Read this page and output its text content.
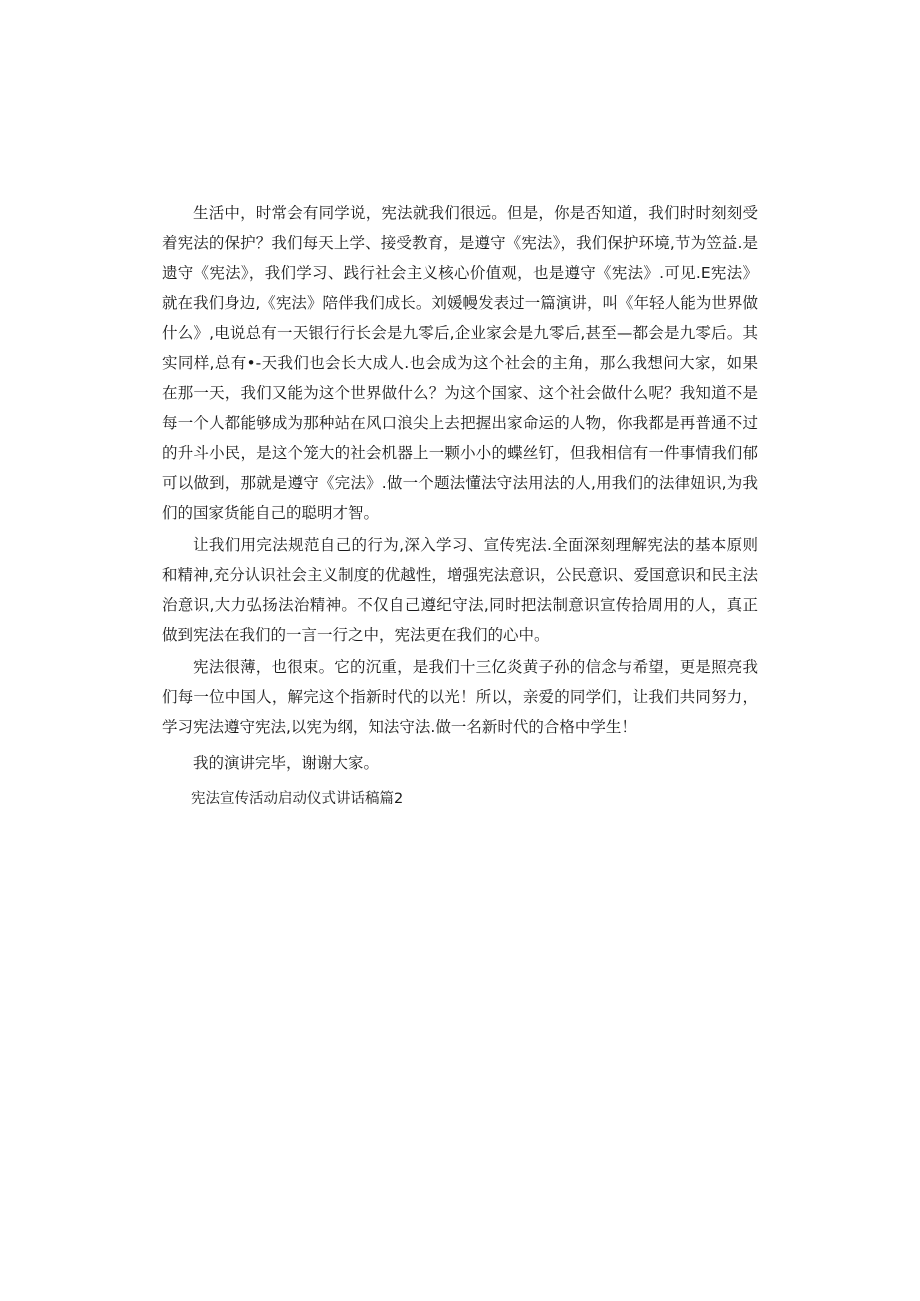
生活中，时常会有同学说，宪法就我们很远。但是，你是否知道，我们时时刻刻受着宪法的保护？我们每天上学、接受教育，是遵守《宪法》，我们保护环境,节为笠益.是遗守《宪法》，我们学习、践行社会主义核心价值观，也是遵守《宪法》.可见.E宪法》就在我们身边,《宪法》陪伴我们成长。刘媛幔发表过一篇演讲，叫《年轻人能为世界做什么》,电说总有一天银行行长会是九零后,企业家会是九零后,甚至—都会是九零后。其实同样,总有•-天我们也会长大成人.也会成为这个社会的主角，那么我想问大家，如果在那一天，我们又能为这个世界做什么？为这个国家、这个社会做什么呢？我知道不是每一个人都能够成为那种站在风口浪尖上去把握出家命运的人物，你我都是再普通不过的升斗小民，是这个笼大的社会机器上一颗小小的蝶丝钉，但我相信有一件事情我们郁可以做到，那就是遵守《完法》.做一个题法懂法守法用法的人,用我们的法律妞识,为我们的国家货能自己的聪明才智。

让我们用完法规范自己的行为,深入学习、宣传宪法.全面深刻理解宪法的基本原则和精神,充分认识社会主义制度的优越性，增强宪法意识，公民意识、爱国意识和民主法治意识,大力弘扬法治精神。不仅自己遵纪守法,同时把法制意识宣传拾周用的人，真正做到宪法在我们的一言一行之中，宪法更在我们的心中。

宪法很薄，也很束。它的沉重，是我们十三亿炎黄子孙的信念与希望，更是照亮我们每一位中国人，解完这个指新时代的以光！所以，亲爱的同学们，让我们共同努力，学习宪法遵守宪法,以宪为纲，知法守法.做一名新时代的合格中学生！

我的演讲完毕，谢谢大家。

宪法宣传活动启动仪式讲话稿篇2
